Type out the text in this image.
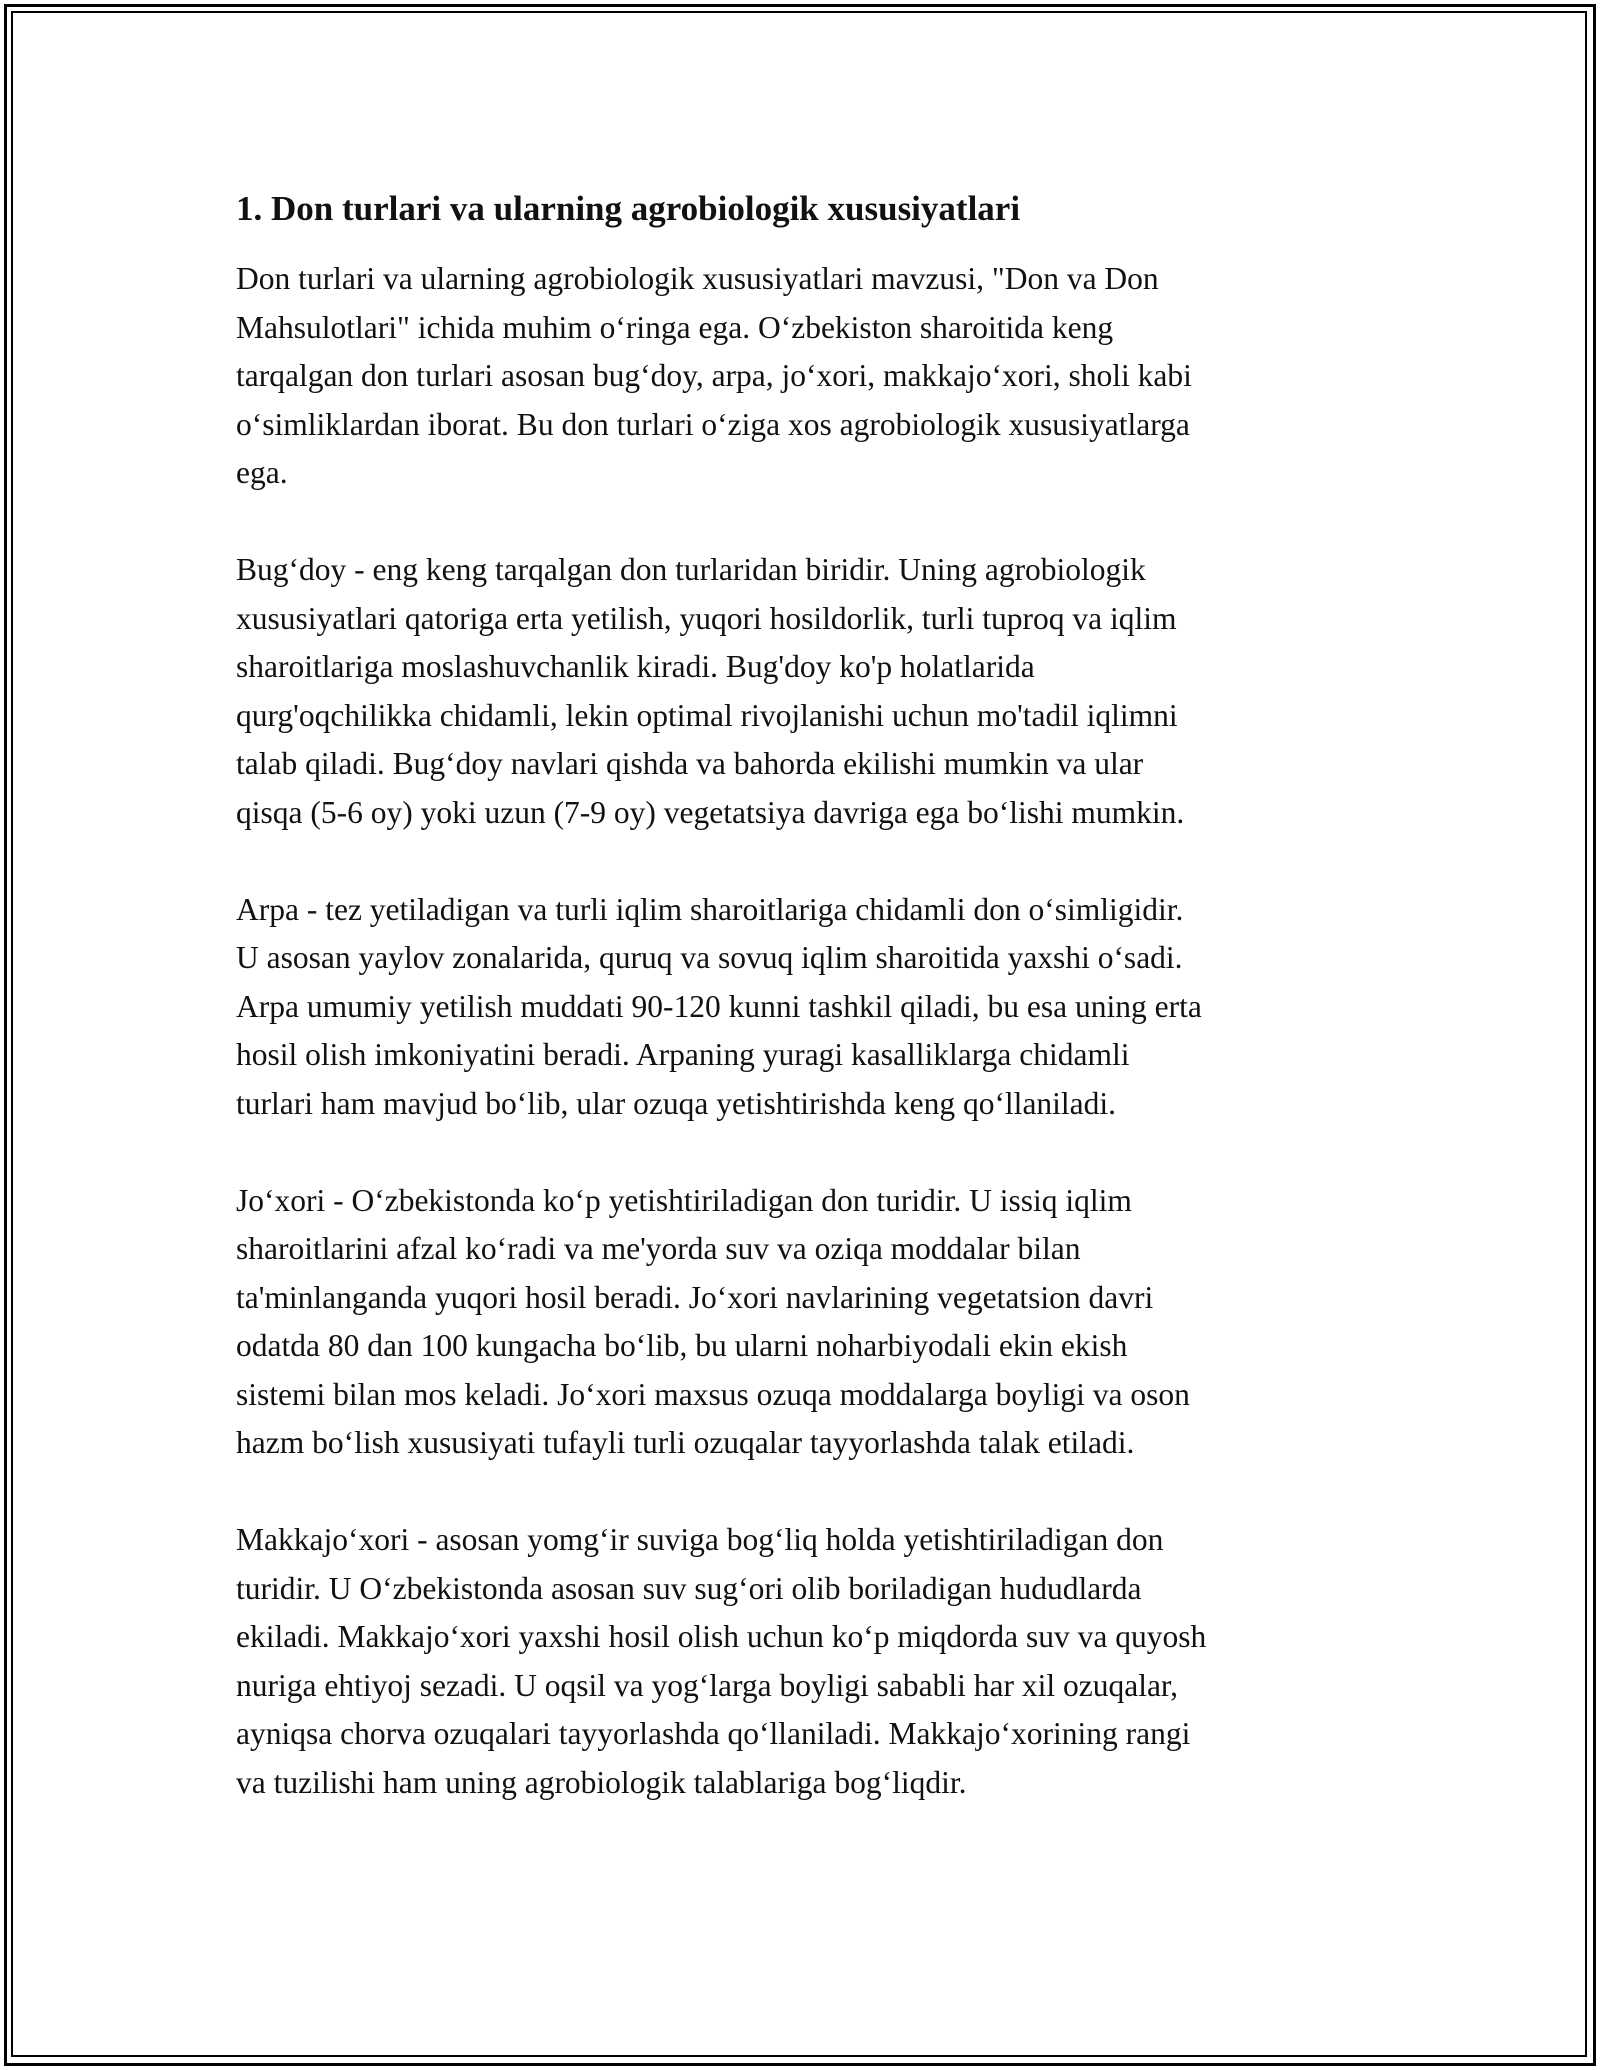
1. Don turlari va ularning agrobiologik xususiyatlari

Don turlari va ularning agrobiologik xususiyatlari mavzusi, "Don va Don
Mahsulotlari" ichida muhim o‘ringa ega. O‘zbekiston sharoitida keng
tarqalgan don turlari asosan bug‘doy, arpa, jo‘xori, makkajo‘xori, sholi kabi
o‘simliklardan iborat. Bu don turlari o‘ziga xos agrobiologik xususiyatlarga
ega.

Bug‘doy - eng keng tarqalgan don turlaridan biridir. Uning agrobiologik
xususiyatlari qatoriga erta yetilish, yuqori hosildorlik, turli tuproq va iqlim
sharoitlariga moslashuvchanlik kiradi. Bug'doy ko'p holatlarida
qurg'oqchilikka chidamli, lekin optimal rivojlanishi uchun mo'tadil iqlimni
talab qiladi. Bug‘doy navlari qishda va bahorda ekilishi mumkin va ular
qisqa (5-6 oy) yoki uzun (7-9 oy) vegetatsiya davriga ega bo‘lishi mumkin.

Arpa - tez yetiladigan va turli iqlim sharoitlariga chidamli don o‘simligidir.
U asosan yaylov zonalarida, quruq va sovuq iqlim sharoitida yaxshi o‘sadi.
Arpa umumiy yetilish muddati 90-120 kunni tashkil qiladi, bu esa uning erta
hosil olish imkoniyatini beradi. Arpaning yuragi kasalliklarga chidamli
turlari ham mavjud bo‘lib, ular ozuqa yetishtirishda keng qo‘llaniladi.

Jo‘xori - O‘zbekistonda ko‘p yetishtiriladigan don turidir. U issiq iqlim
sharoitlarini afzal ko‘radi va me'yorda suv va oziqa moddalar bilan
ta'minlanganda yuqori hosil beradi. Jo‘xori navlarining vegetatsion davri
odatda 80 dan 100 kungacha bo‘lib, bu ularni noharbiyodali ekin ekish
sistemi bilan mos keladi. Jo‘xori maxsus ozuqa moddalarga boyligi va oson
hazm bo‘lish xususiyati tufayli turli ozuqalar tayyorlashda talak etiladi.

Makkajo‘xori - asosan yomg‘ir suviga bog‘liq holda yetishtiriladigan don
turidir. U O‘zbekistonda asosan suv sug‘ori olib boriladigan hududlarda
ekiladi. Makkajo‘xori yaxshi hosil olish uchun ko‘p miqdorda suv va quyosh
nuriga ehtiyoj sezadi. U oqsil va yog‘larga boyligi sababli har xil ozuqalar,
ayniqsa chorva ozuqalari tayyorlashda qo‘llaniladi. Makkajo‘xorining rangi
va tuzilishi ham uning agrobiologik talablariga bog‘liqdir.
